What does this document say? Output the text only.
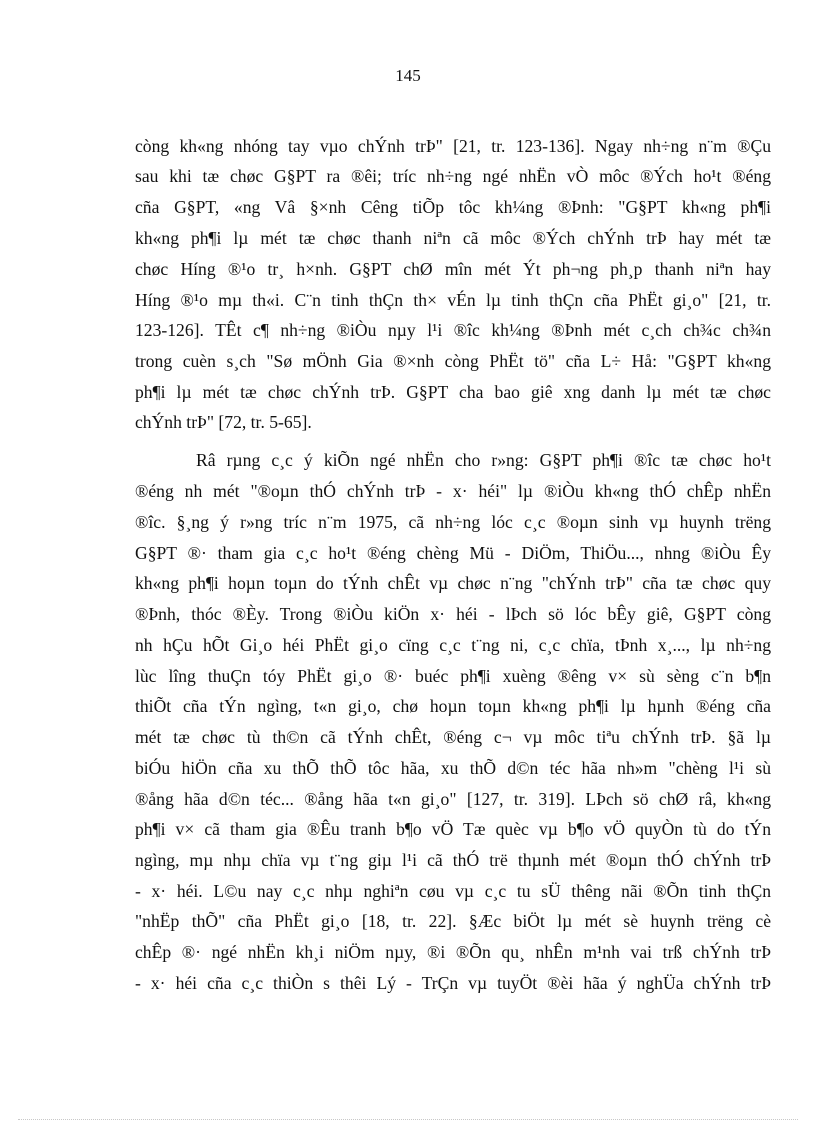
145
còng kh«ng nhóng tay vµo chÝnh trÞ" [21, tr. 123-136]. Ngay nh÷ng n¨m ®Çu
sau khi tæ chøc G§PT ra ®êi; tríc nh÷ng ngé nhËn vÒ môc ®Ých ho¹t ®éng
cña G§PT, «ng Vâ §×nh Cêng tiÕp tôc kh¼ng ®Þnh: "G§PT kh«ng ph¶i
kh«ng ph¶i lµ mét tæ chøc thanh niªn cã môc ®Ých chÝnh trÞ hay mét tæ
chøc Híng ®¹o tr¸ h×nh. G§PT chØ mîn mét Ýt ph¬ng ph¸p thanh niªn hay
Híng ®¹o mµ th«i. C¨n tinh thÇn th× vÉn lµ tinh thÇn cña PhËt gi¸o" [21, tr.
123-126]. TÊt c¶ nh÷ng ®iÒu nµy l¹i ®îc kh¼ng ®Þnh mét c¸ch ch¾c ch¾n
trong cuèn s¸ch "Sø mÖnh Gia ®×nh còng PhËt tö" cña L÷ Hå: "G§PT kh«ng
ph¶i lµ mét tæ chøc chÝnh trÞ. G§PT cha bao giê xng danh lµ mét tæ chøc
chÝnh trÞ" [72, tr. 5-65].
Râ rµng c¸c ý kiÕn ngé nhËn cho r»ng: G§PT ph¶i ®îc tæ chøc ho¹t
®éng nh mét "®oµn thÓ chÝnh trÞ - x· héi" lµ ®iÒu kh«ng thÓ chÊp nhËn
®îc. §¸ng ý r»ng tríc n¨m 1975, cã nh÷ng lóc c¸c ®oµn sinh vµ huynh trëng
G§PT ®· tham gia c¸c ho¹t ®éng chèng Mü - DiÖm, ThiÖu..., nhng ®iÒu Êy
kh«ng ph¶i hoµn toµn do tÝnh chÊt vµ chøc n¨ng "chÝnh trÞ" cña tæ chøc quy
®Þnh, thóc ®Èy. Trong ®iÒu kiÖn x· héi - lÞch sö lóc bÊy giê, G§PT còng
nh hÇu hÕt Gi¸o héi PhËt gi¸o cïng c¸c t¨ng ni, c¸c chïa, tÞnh x¸..., lµ nh÷ng
lùc lîng thuÇn tóy PhËt gi¸o ®· buéc ph¶i xuèng ®êng v× sù sèng c¨n b¶n
thiÕt cña tÝn ngìng, t«n gi¸o, chø hoµn toµn kh«ng ph¶i lµ hµnh ®éng cña
mét tæ chøc tù th©n cã tÝnh chÊt, ®éng c¬ vµ môc tiªu chÝnh trÞ. §ã lµ
biÓu hiÖn cña xu thÕ thÕ tôc hãa, xu thÕ d©n téc hãa nh»m "chèng l¹i sù
®ång hãa d©n téc... ®ång hãa t«n gi¸o" [127, tr. 319]. LÞch sö chØ râ, kh«ng
ph¶i v× cã tham gia ®Êu tranh b¶o vÖ Tæ quèc vµ b¶o vÖ quyÒn tù do tÝn
ngìng, mµ nhµ chïa vµ t¨ng giµ l¹i cã thÓ trë thµnh mét ®oµn thÓ chÝnh trÞ
- x· héi. L©u nay c¸c nhµ nghiªn cøu vµ c¸c tu sÜ thêng nãi ®Õn tinh thÇn
"nhËp thÕ" cña PhËt gi¸o [18, tr. 22]. §Æc biÖt lµ mét sè huynh trëng cè
chÊp ®· ngé nhËn kh¸i niÖm nµy, ®i ®Õn qu¸ nhÊn m¹nh vai trß chÝnh trÞ
- x· héi cña c¸c thiÒn s thêi Lý - TrÇn vµ tuyÖt ®èi hãa ý nghÜa chÝnh trÞ
